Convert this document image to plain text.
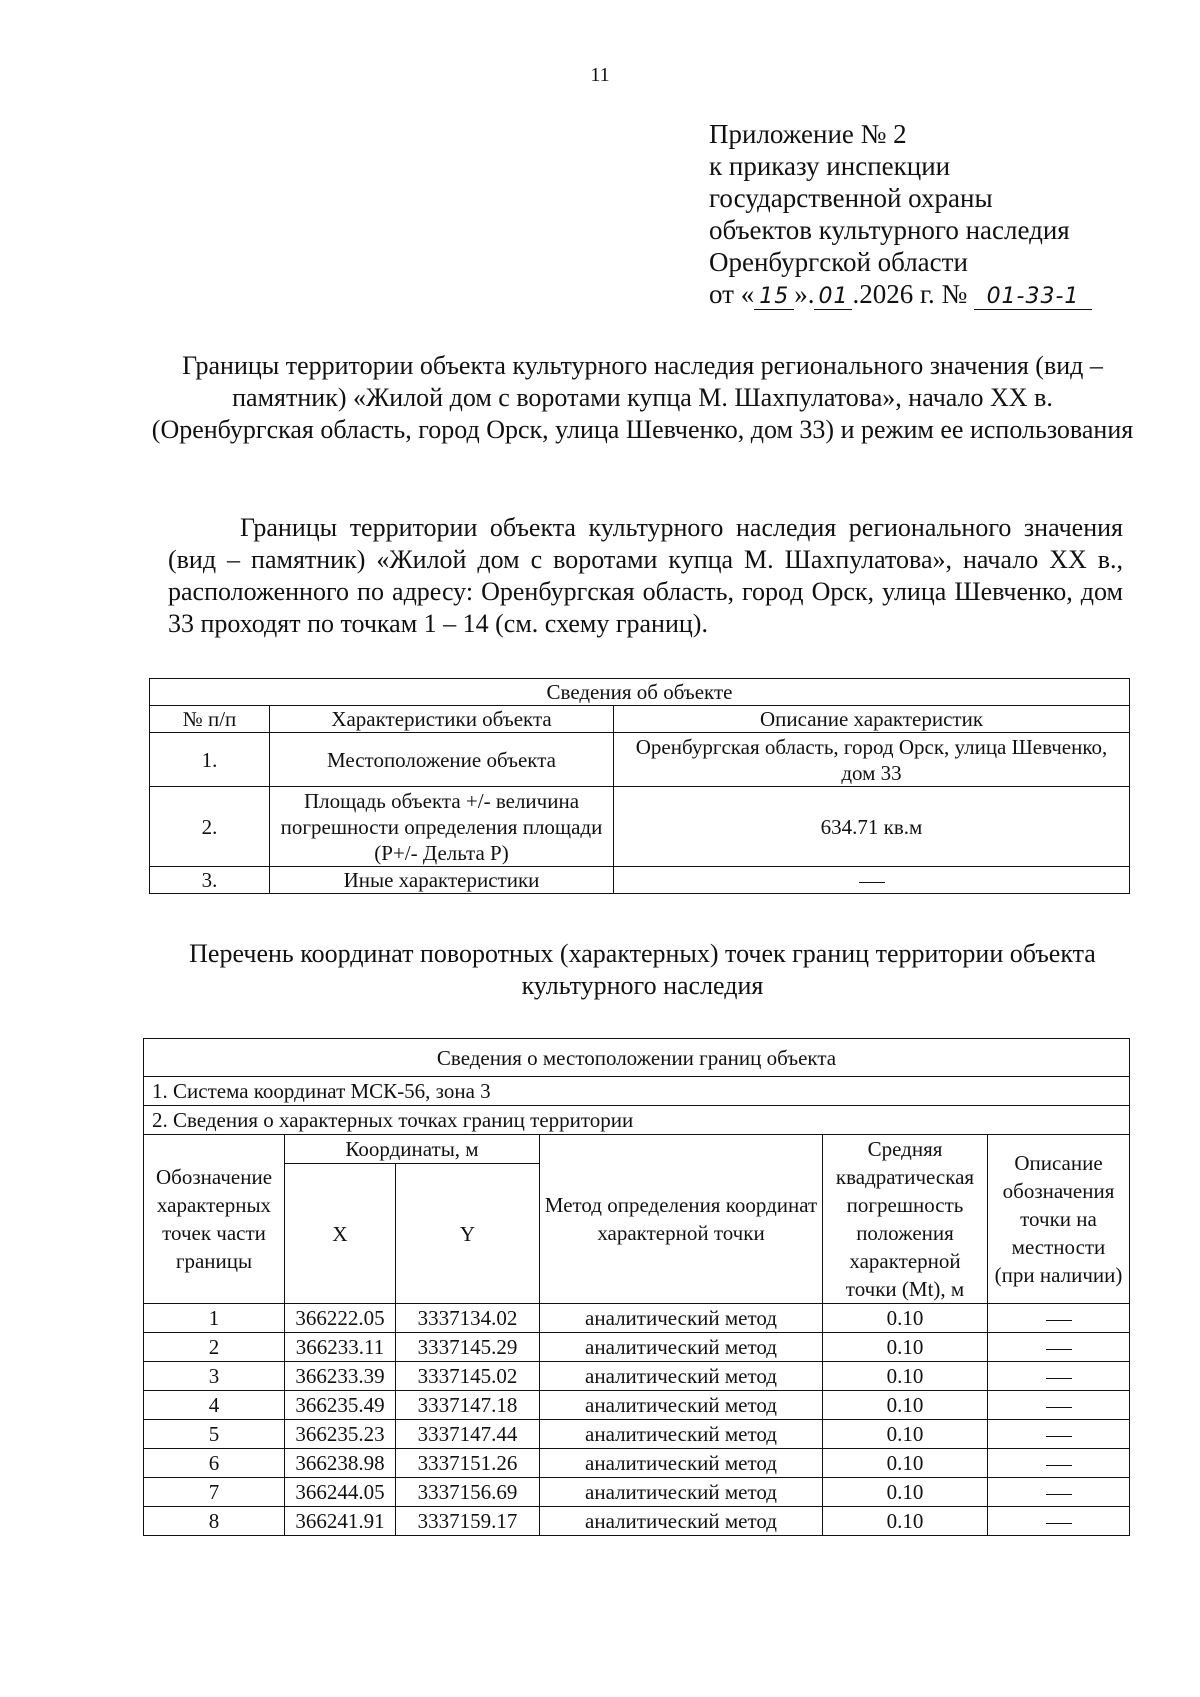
11
Приложение № 2
к приказу инспекции
государственной охраны
объектов культурного наследия
Оренбургской области
от « 15 ». 01 .2026 г. № 01-33-1
Границы территории объекта культурного наследия регионального значения (вид – памятник) «Жилой дом с воротами купца М. Шахпулатова», начало XX в. (Оренбургская область, город Орск, улица Шевченко, дом 33) и режим ее использования
Границы территории объекта культурного наследия регионального значения (вид – памятник) «Жилой дом с воротами купца М. Шахпулатова», начало XX в., расположенного по адресу: Оренбургская область, город Орск, улица Шевченко, дом 33 проходят по точкам 1 – 14 (см. схему границ).
Сведения об объекте		
№ п/п	Характеристики объекта	Описание характеристик
1.	Местоположение объекта	Оренбургская область, город Орск, улица Шевченко, дом 33
2.	Площадь объекта +/- величина погрешности определения площади (P+/- Дельта P)	634.71 кв.м
3.	Иные характеристики	
Перечень координат поворотных (характерных) точек границ территории объекта культурного наследия
Сведения о местоположении границ объекта					
1. Система координат МСК-56, зона 3					
2. Сведения о характерных точках границ территории					
Обозначение характерных точек части границы	Координаты, м		Метод определения координат характерной точки	Средняя квадратическая погрешность положения характерной точки (Mt), м	Описание обозначения точки на местности (при наличии)
	X	Y			
1	366222.05	3337134.02	аналитический метод	0.10	
2	366233.11	3337145.29	аналитический метод	0.10	
3	366233.39	3337145.02	аналитический метод	0.10	
4	366235.49	3337147.18	аналитический метод	0.10	
5	366235.23	3337147.44	аналитический метод	0.10	
6	366238.98	3337151.26	аналитический метод	0.10	
7	366244.05	3337156.69	аналитический метод	0.10	
8	366241.91	3337159.17	аналитический метод	0.10	
